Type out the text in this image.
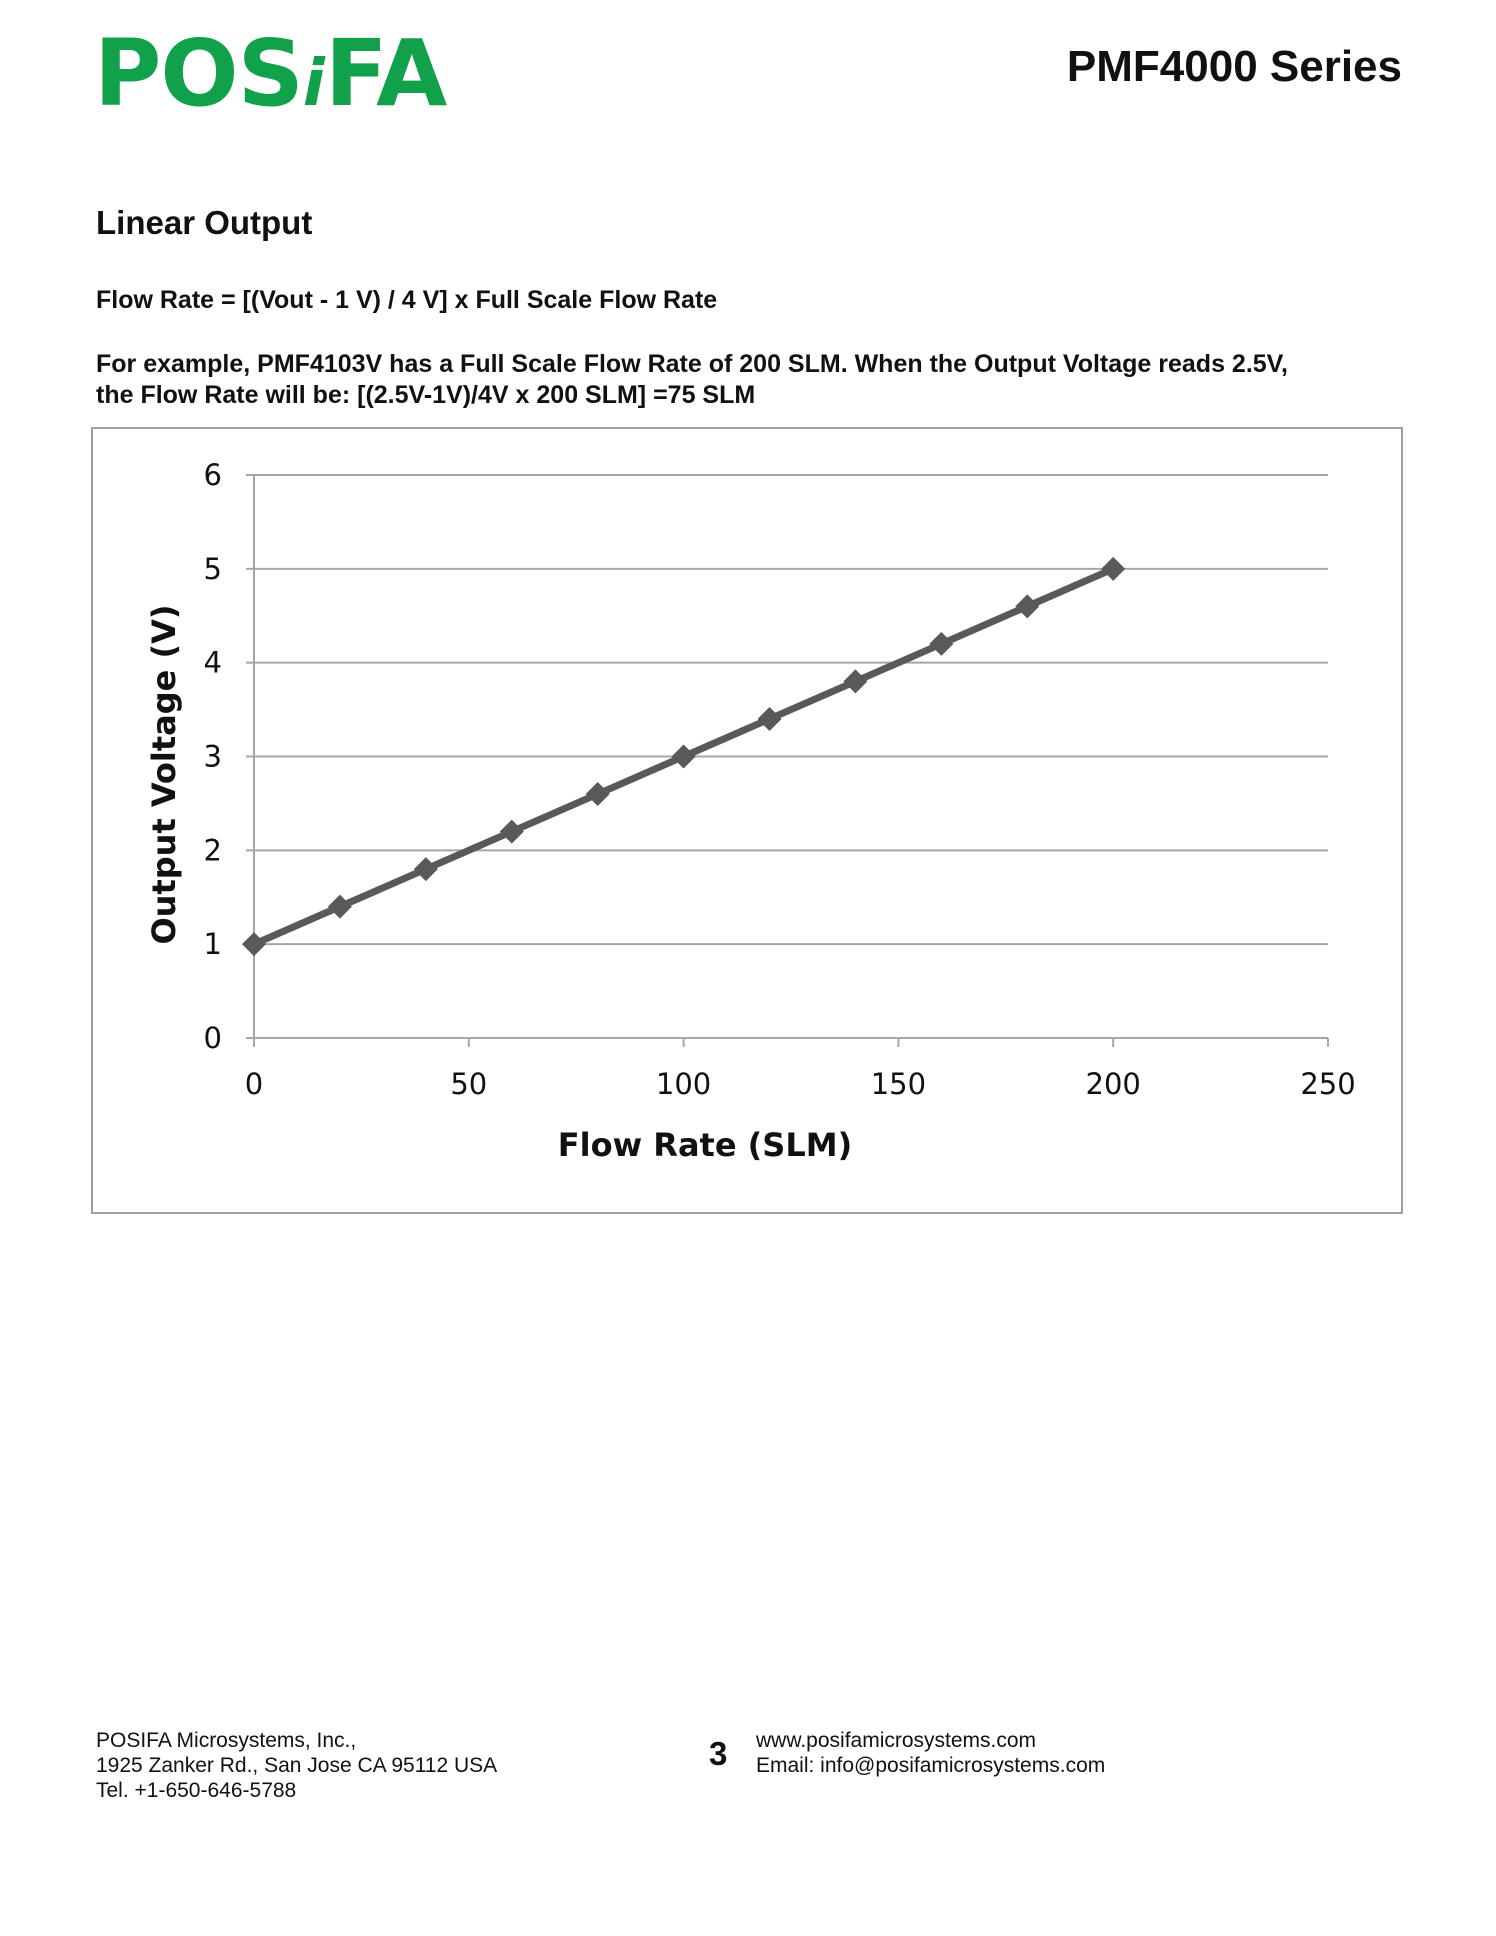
POSiFA	PMF4000 Series
Linear Output
Flow Rate = [(Vout - 1 V) / 4 V] x Full Scale Flow Rate
For example, PMF4103V has a Full Scale Flow Rate of 200 SLM. When the Output Voltage reads 2.5V,
the Flow Rate will be: [(2.5V-1V)/4V x 200 SLM] =75 SLM
0
1
2
3
4
5
6
0	50	100	150	200	250
Flow Rate (SLM)
Output Voltage (V)
POSIFA Microsystems, Inc.,
1925 Zanker Rd., San Jose CA 95112 USA
Tel. +1-650-646-5788
3 www.posifamicrosystems.com
Email: info@posifamicrosystems.com
